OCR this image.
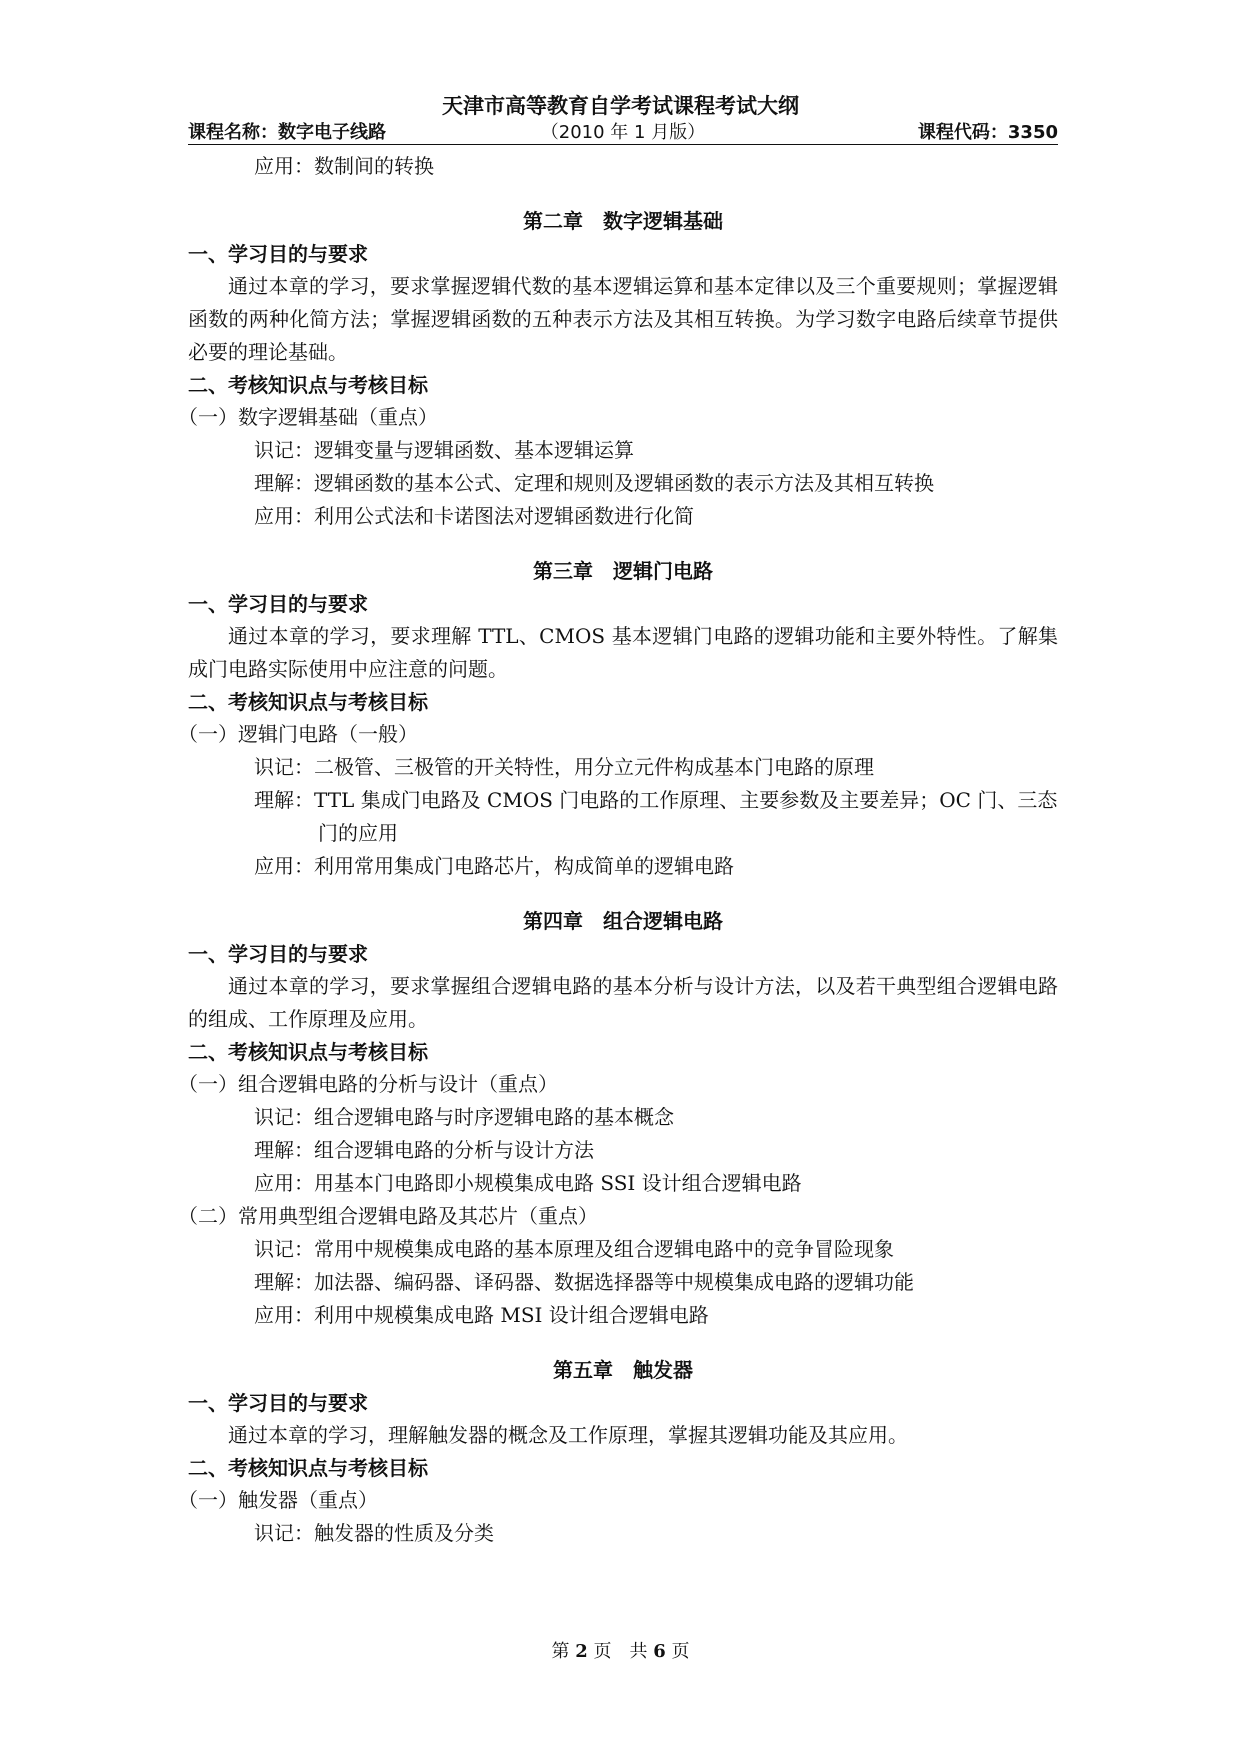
天津市高等教育自学考试课程考试大纲
课程名称：数字电子线路	（2010 年 1 月版）	课程代码：3350
应用：数制间的转换
第二章　数字逻辑基础
一、学习目的与要求
通过本章的学习，要求掌握逻辑代数的基本逻辑运算和基本定律以及三个重要规则；掌握逻辑函数的两种化简方法；掌握逻辑函数的五种表示方法及其相互转换。为学习数字电路后续章节提供必要的理论基础。
二、考核知识点与考核目标
（一）数字逻辑基础（重点）
识记：逻辑变量与逻辑函数、基本逻辑运算
理解：逻辑函数的基本公式、定理和规则及逻辑函数的表示方法及其相互转换
应用：利用公式法和卡诺图法对逻辑函数进行化简
第三章　逻辑门电路
一、学习目的与要求
通过本章的学习，要求理解 TTL、CMOS 基本逻辑门电路的逻辑功能和主要外特性。了解集成门电路实际使用中应注意的问题。
二、考核知识点与考核目标
（一）逻辑门电路（一般）
识记：二极管、三极管的开关特性，用分立元件构成基本门电路的原理
理解：TTL 集成门电路及 CMOS 门电路的工作原理、主要参数及主要差异；OC 门、三态门的应用
应用：利用常用集成门电路芯片，构成简单的逻辑电路
第四章　组合逻辑电路
一、学习目的与要求
通过本章的学习，要求掌握组合逻辑电路的基本分析与设计方法，以及若干典型组合逻辑电路的组成、工作原理及应用。
二、考核知识点与考核目标
（一）组合逻辑电路的分析与设计（重点）
识记：组合逻辑电路与时序逻辑电路的基本概念
理解：组合逻辑电路的分析与设计方法
应用：用基本门电路即小规模集成电路 SSI 设计组合逻辑电路
（二）常用典型组合逻辑电路及其芯片（重点）
识记：常用中规模集成电路的基本原理及组合逻辑电路中的竞争冒险现象
理解：加法器、编码器、译码器、数据选择器等中规模集成电路的逻辑功能
应用：利用中规模集成电路 MSI 设计组合逻辑电路
第五章　触发器
一、学习目的与要求
通过本章的学习，理解触发器的概念及工作原理，掌握其逻辑功能及其应用。
二、考核知识点与考核目标
（一）触发器（重点）
识记：触发器的性质及分类
第 2 页　共 6 页
